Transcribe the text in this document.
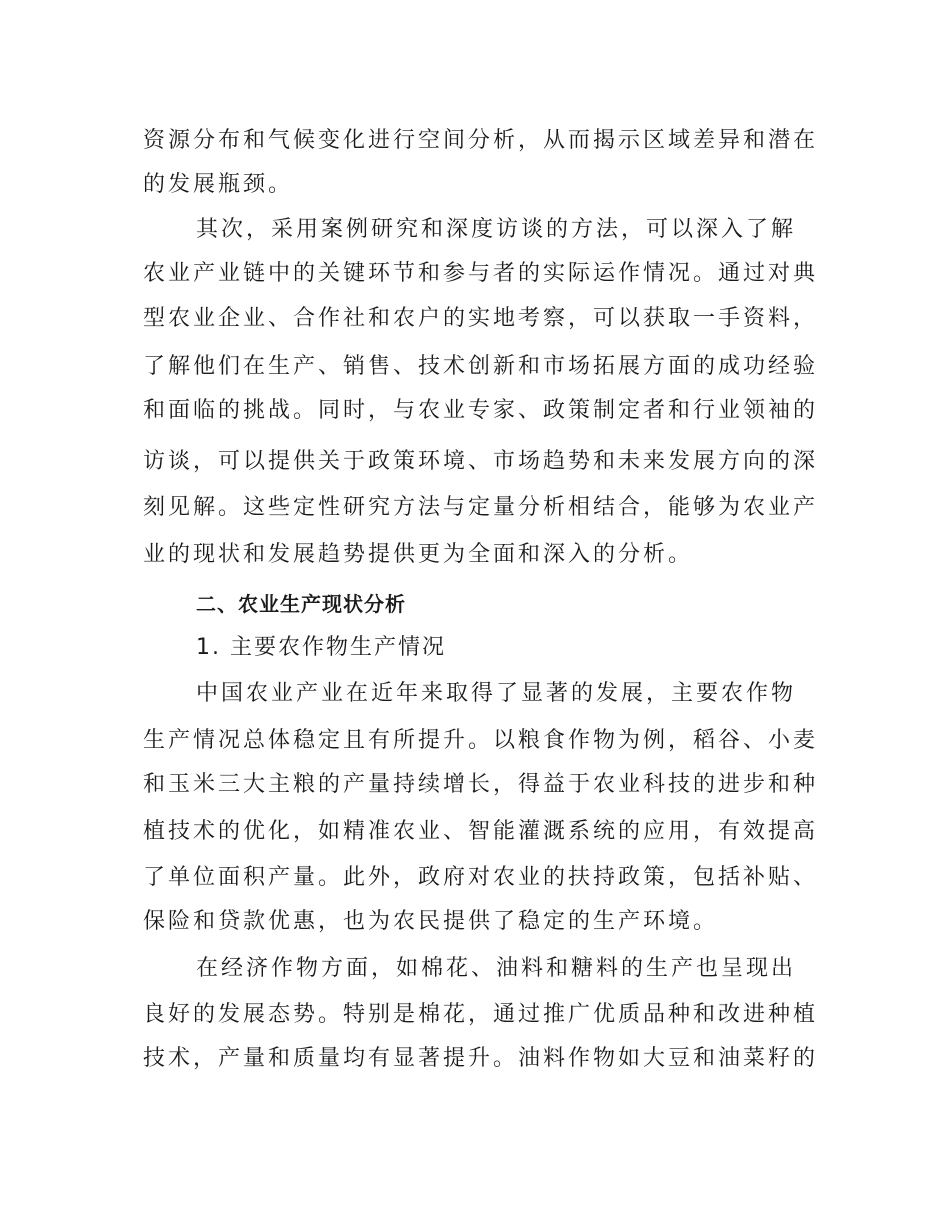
资源分布和气候变化进行空间分析，从而揭示区域差异和潜在
的发展瓶颈。
其次，采用案例研究和深度访谈的方法，可以深入了解
农业产业链中的关键环节和参与者的实际运作情况。通过对典
型农业企业、合作社和农户的实地考察，可以获取一手资料，
了解他们在生产、销售、技术创新和市场拓展方面的成功经验
和面临的挑战。同时，与农业专家、政策制定者和行业领袖的
访谈，可以提供关于政策环境、市场趋势和未来发展方向的深
刻见解。这些定性研究方法与定量分析相结合，能够为农业产
业的现状和发展趋势提供更为全面和深入的分析。
二、农业生产现状分析
1. 主要农作物生产情况
中国农业产业在近年来取得了显著的发展，主要农作物
生产情况总体稳定且有所提升。以粮食作物为例，稻谷、小麦
和玉米三大主粮的产量持续增长，得益于农业科技的进步和种
植技术的优化，如精准农业、智能灌溉系统的应用，有效提高
了单位面积产量。此外，政府对农业的扶持政策，包括补贴、
保险和贷款优惠，也为农民提供了稳定的生产环境。
在经济作物方面，如棉花、油料和糖料的生产也呈现出
良好的发展态势。特别是棉花，通过推广优质品种和改进种植
技术，产量和质量均有显著提升。油料作物如大豆和油菜籽的
